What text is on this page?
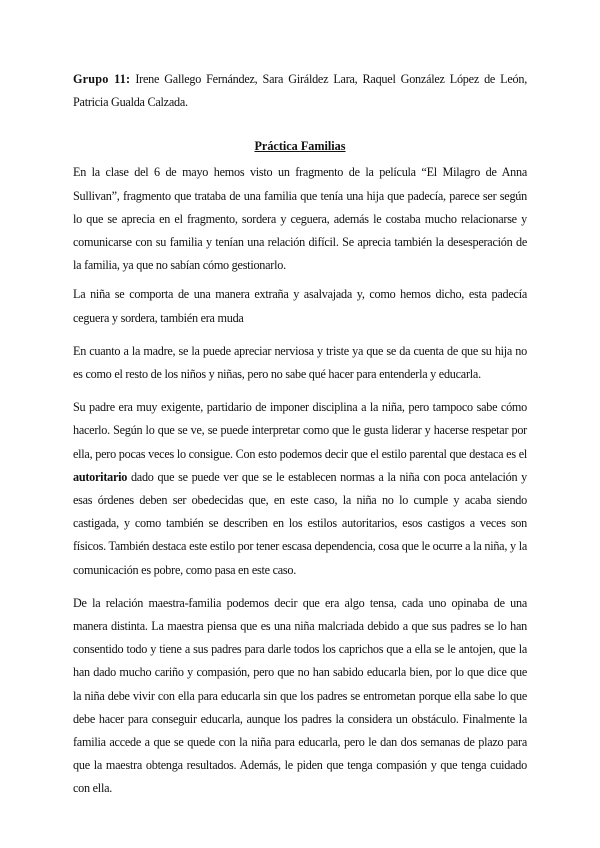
Grupo 11: Irene Gallego Fernández, Sara Giráldez Lara, Raquel González López de León, Patricia Gualda Calzada.

Práctica Familias

En la clase del 6 de mayo hemos visto un fragmento de la película “El Milagro de Anna Sullivan”, fragmento que trataba de una familia que tenía una hija que padecía, parece ser según lo que se aprecia en el fragmento, sordera y ceguera, además le costaba mucho relacionarse y comunicarse con su familia y tenían una relación difícil. Se aprecia también la desesperación de la familia, ya que no sabían cómo gestionarlo.

La niña se comporta de una manera extraña y asalvajada y, como hemos dicho, esta padecía ceguera y sordera, también era muda

En cuanto a la madre, se la puede apreciar nerviosa y triste ya que se da cuenta de que su hija no es como el resto de los niños y niñas, pero no sabe qué hacer para entenderla y educarla.

Su padre era muy exigente, partidario de imponer disciplina a la niña, pero tampoco sabe cómo hacerlo. Según lo que se ve, se puede interpretar como que le gusta liderar y hacerse respetar por ella, pero pocas veces lo consigue. Con esto podemos decir que el estilo parental que destaca es el autoritario dado que se puede ver que se le establecen normas a la niña con poca antelación y esas órdenes deben ser obedecidas que, en este caso, la niña no lo cumple y acaba siendo castigada, y como también se describen en los estilos autoritarios, esos castigos a veces son físicos. También destaca este estilo por tener escasa dependencia, cosa que le ocurre a la niña, y la comunicación es pobre, como pasa en este caso.

De la relación maestra-familia podemos decir que era algo tensa, cada uno opinaba de una manera distinta. La maestra piensa que es una niña malcriada debido a que sus padres se lo han consentido todo y tiene a sus padres para darle todos los caprichos que a ella se le antojen, que la han dado mucho cariño y compasión, pero que no han sabido educarla bien, por lo que dice que la niña debe vivir con ella para educarla sin que los padres se entrometan porque ella sabe lo que debe hacer para conseguir educarla, aunque los padres la considera un obstáculo. Finalmente la familia accede a que se quede con la niña para educarla, pero le dan dos semanas de plazo para que la maestra obtenga resultados. Además, le piden que tenga compasión y que tenga cuidado con ella.
